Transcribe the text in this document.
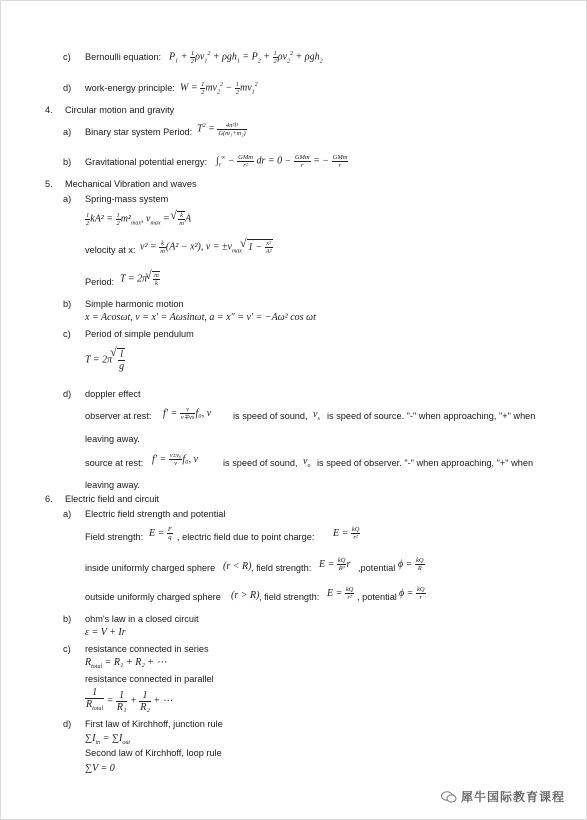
c) Bernoulli equation: $P_1 + \frac{1}{2} \rho v_1^2 + \rho gh_1 = P_2 + \frac{1}{2} \rho v_2^2 + \rho gh_2$
d) work-energy principle: $W = \frac{1}{2} mv_2^2 - \frac{1}{2} mv_1^2$
4. Circular motion and gravity
a) Binary star system Period: $T^2 = \frac{\text{4π²l³}}{\text{G(m₁+m₂)}}$
b) Gravitational potential energy: $\int_r^\infty - \frac{\text{GMm}}{\text{r²}}$ dr = $0 - \frac{\text{GMm}}{r}$ = − $\frac{\text{GMm}}{r}$
5. Mechanical Vibration and waves
a) Spring-mass system
$\frac{1}{2} kA^2 = \frac{1}{2} m^2_{max}$, $v_{max}$ =
√ $\frac{k}{m}$ A
velocity at x: $v^2 = \frac{k}{m} (A^2 - x^2)$, $v = \pm v_{max}√$ $1 - \frac{\text{x²}}{\text{A²}}$
Period: T = 2π
√ $\frac{m}{k}$
b) Simple harmonic motion
x = Acosωt, v = x′ = Aωsinωt, a = x″ = v′ = −Aω² cos ωt
c) Period of simple pendulum
T = 2π
√ $\frac{l}{g}$
d) doppler effect
observer at rest: $f' = \frac{v}{v\mp vs} f_0$, v is speed of sound, $v_s$ is speed of source. "-" when approaching, "+" when
leaving away.
source at rest: $f' = \frac{\text{v±v₀}}{v} f_0$, v	is speed of sound, $v_o$ is speed of observer. "-" when approaching, "+" when
leaving away.
6. Electric field and circuit
a) Electric field strength and potential
Field strength: $E = \frac{F}{q}$ , electric field due to point charge: $E = \frac{kQ}{\text{r²}}$
inside uniformly charged sphere (r < R) , field strength: $E = \frac{kQ}{\text{R³}}$ r ,potential $\phi = \frac{kQ}{R}$
outside uniformly charged sphere (r > R) , field strength: $E = \frac{kQ}{\text{r²}}$ , potential $\phi = \frac{kQ}{r}$
b) ohm's law in a closed circuit
ε = V + Ir
c) resistance connected in series
$R_{total} = R_1 + R_2$ + ⋯
resistance connected in parallel
$\frac{1}{R_{total}} = \frac{1}{\text{R₁}} + \frac{1}{\text{R₂}}$ + ⋯
d) First law of Kirchhoff, junction rule
$\sum I_{in} = \sum I_{out}$
Second law of Kirchhoff, loop rule
∑V = 0
犀牛国际教育课程
